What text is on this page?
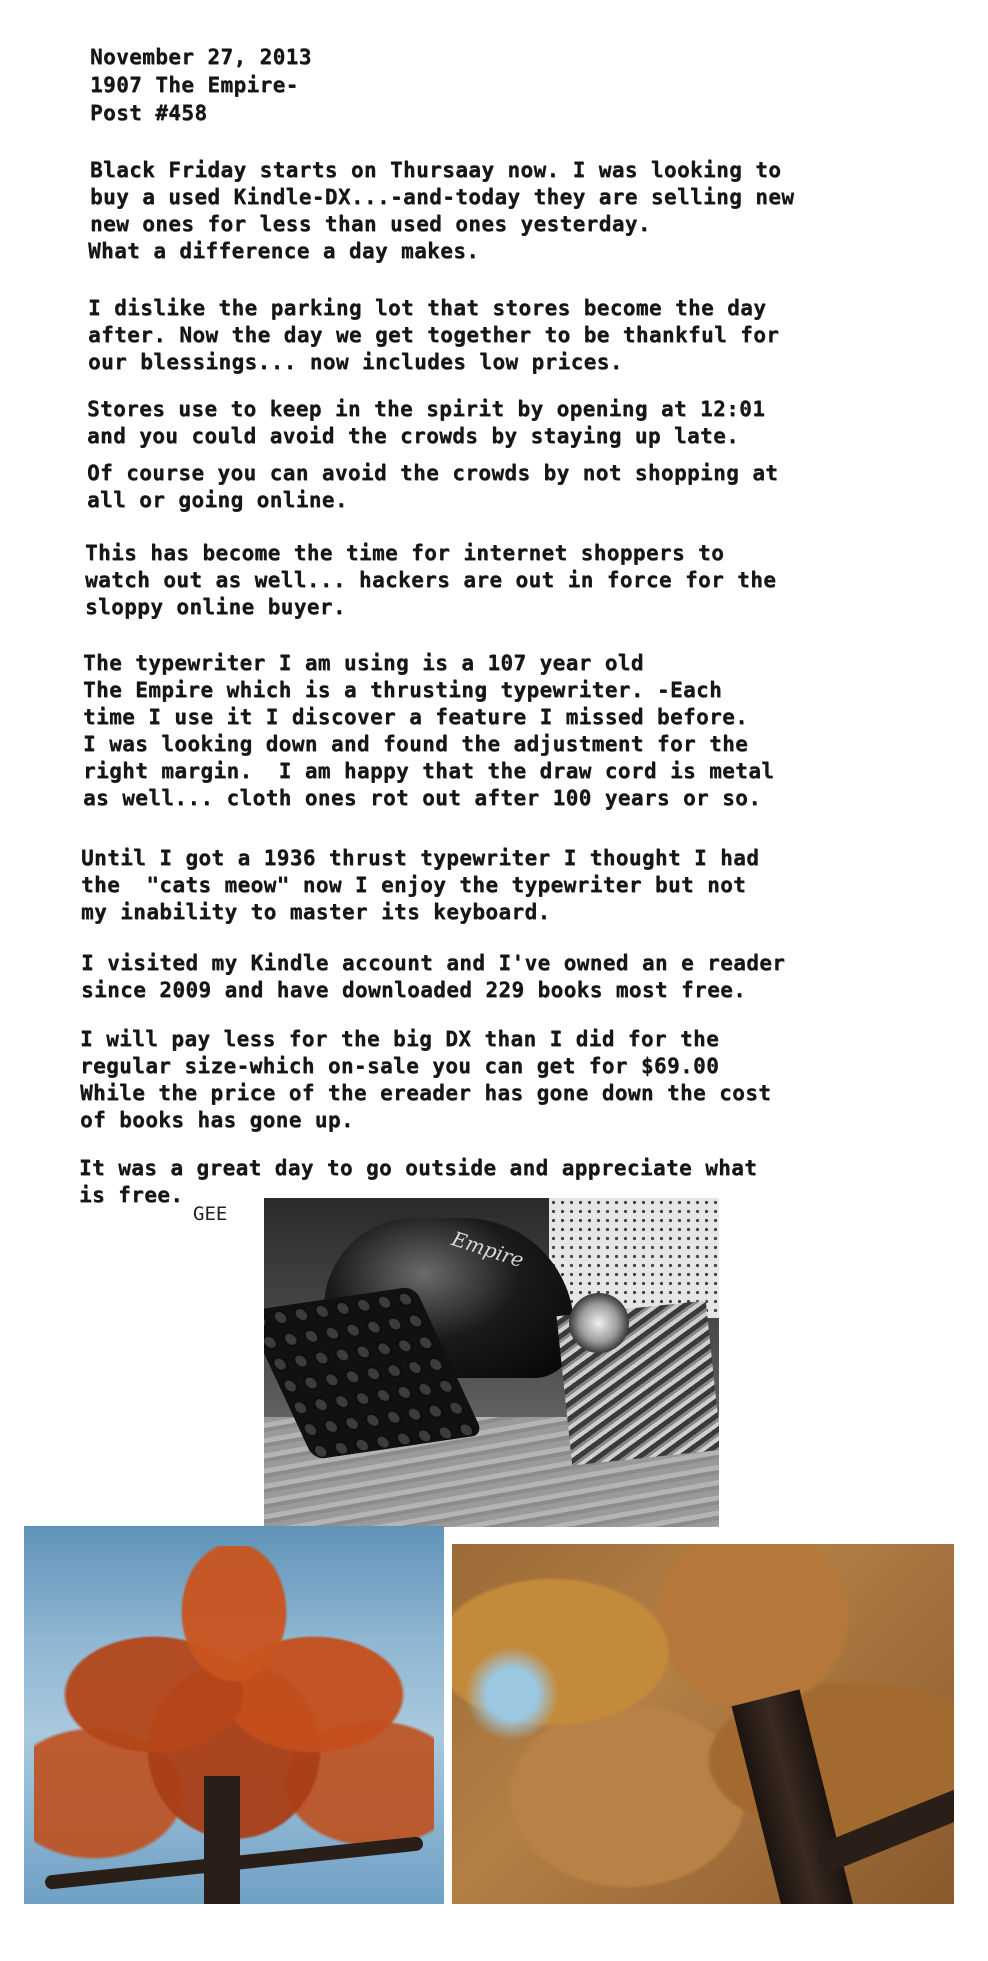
November 27, 2013
1907 The Empire-
Post #458
Black Friday starts on Thursaay now. I was looking to
buy a used Kindle-DX...-and-today they are selling new
new ones for less than used ones yesterday.
What a difference a day makes.
I dislike the parking lot that stores become the day
after. Now the day we get together to be thankful for
our blessings... now includes low prices.
Stores use to keep in the spirit by opening at 12:01
and you could avoid the crowds by staying up late.
Of course you can avoid the crowds by not shopping at
all or going online.
This has become the time for internet shoppers to
watch out as well... hackers are out in force for the
sloppy online buyer.
The typewriter I am using is a 107 year old
The Empire which is a thrusting typewriter. -Each
time I use it I discover a feature I missed before.
I was looking down and found the adjustment for the
right margin.  I am happy that the draw cord is metal
as well... cloth ones rot out after 100 years or so.
Until I got a 1936 thrust typewriter I thought I had
the  "cats meow" now I enjoy the typewriter but not
my inability to master its keyboard.
I visited my Kindle account and I've owned an e reader
since 2009 and have downloaded 229 books most free.
I will pay less for the big DX than I did for the
regular size-which on-sale you can get for $69.00
While the price of the ereader has gone down the cost
of books has gone up.
It was a great day to go outside and appreciate what
is free.
GEE
Empire
